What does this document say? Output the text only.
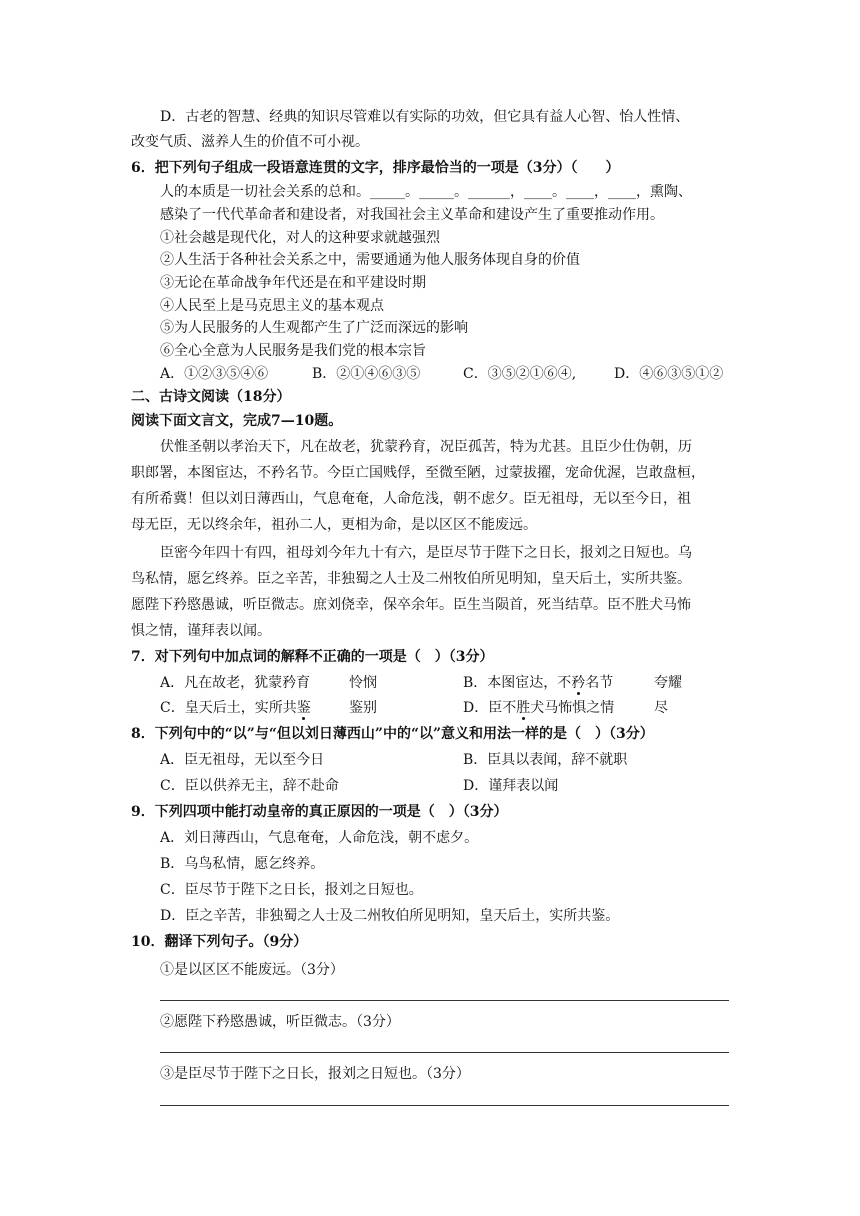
D．古老的智慧、经典的知识尽管难以有实际的功效，但它具有益人心智、怡人性情、
改变气质、滋养人生的价值不可小视。
6．把下列句子组成一段语意连贯的文字，排序最恰当的一项是（3分）（　　）
人的本质是一切社会关系的总和。_____。_____。______，____。____，____，熏陶、
感染了一代代革命者和建设者，对我国社会主义革命和建设产生了重要推动作用。
①社会越是现代化，对人的这种要求就越强烈
②人生活于各种社会关系之中，需要通通为他人服务体现自身的价值
③无论在革命战争年代还是在和平建设时期
④人民至上是马克思主义的基本观点
⑤为人民服务的人生观都产生了广泛而深远的影响
⑥全心全意为人民服务是我们党的根本宗旨
A．①②③⑤④⑥	B．②①④⑥③⑤	C．③⑤②①⑥④,	D．④⑥③⑤①②
二、古诗文阅读（18分）
阅读下面文言文，完成7—10题。
伏惟圣朝以孝治天下，凡在故老，犹蒙矜育，况臣孤苦，特为尤甚。且臣少仕伪朝，历
职郎署，本图宦达，不矜名节。今臣亡国贱俘，至微至陋，过蒙拔擢，宠命优渥，岂敢盘桓，
有所希冀！但以刘日薄西山，气息奄奄，人命危浅，朝不虑夕。臣无祖母，无以至今日，祖
母无臣，无以终余年，祖孙二人，更相为命，是以区区不能废远。
臣密今年四十有四，祖母刘今年九十有六，是臣尽节于陛下之日长，报刘之日短也。乌
鸟私情，愿乞终养。臣之辛苦，非独蜀之人士及二州牧伯所见明知，皇天后土，实所共鉴。
愿陛下矜愍愚诚，听臣微志。庶刘侥幸，保卒余年。臣生当陨首，死当结草。臣不胜犬马怖
惧之情，谨拜表以闻。
7．对下列句中加点词的解释不正确的一项是（　）（3分）
A．凡在故老，犹蒙矜育	怜悯	B．本图宦达，不矜名节	夸耀
C．皇天后土，实所共鉴	鉴别	D．臣不胜犬马怖惧之情	尽
8．下列句中的“以”与“但以刘日薄西山”中的“以”意义和用法一样的是（　）（3分）
A．臣无祖母，无以至今日	B．臣具以表闻，辞不就职
C．臣以供养无主，辞不赴命	D．谨拜表以闻
9．下列四项中能打动皇帝的真正原因的一项是（　）（3分）
A．刘日薄西山，气息奄奄，人命危浅，朝不虑夕。
B．乌鸟私情，愿乞终养。
C．臣尽节于陛下之日长，报刘之日短也。
D．臣之辛苦，非独蜀之人士及二州牧伯所见明知，皇天后土，实所共鉴。
10．翻译下列句子。（9分）
①是以区区不能废远。（3分）
②愿陛下矜愍愚诚，听臣微志。（3分）
③是臣尽节于陛下之日长，报刘之日短也。（3分）
